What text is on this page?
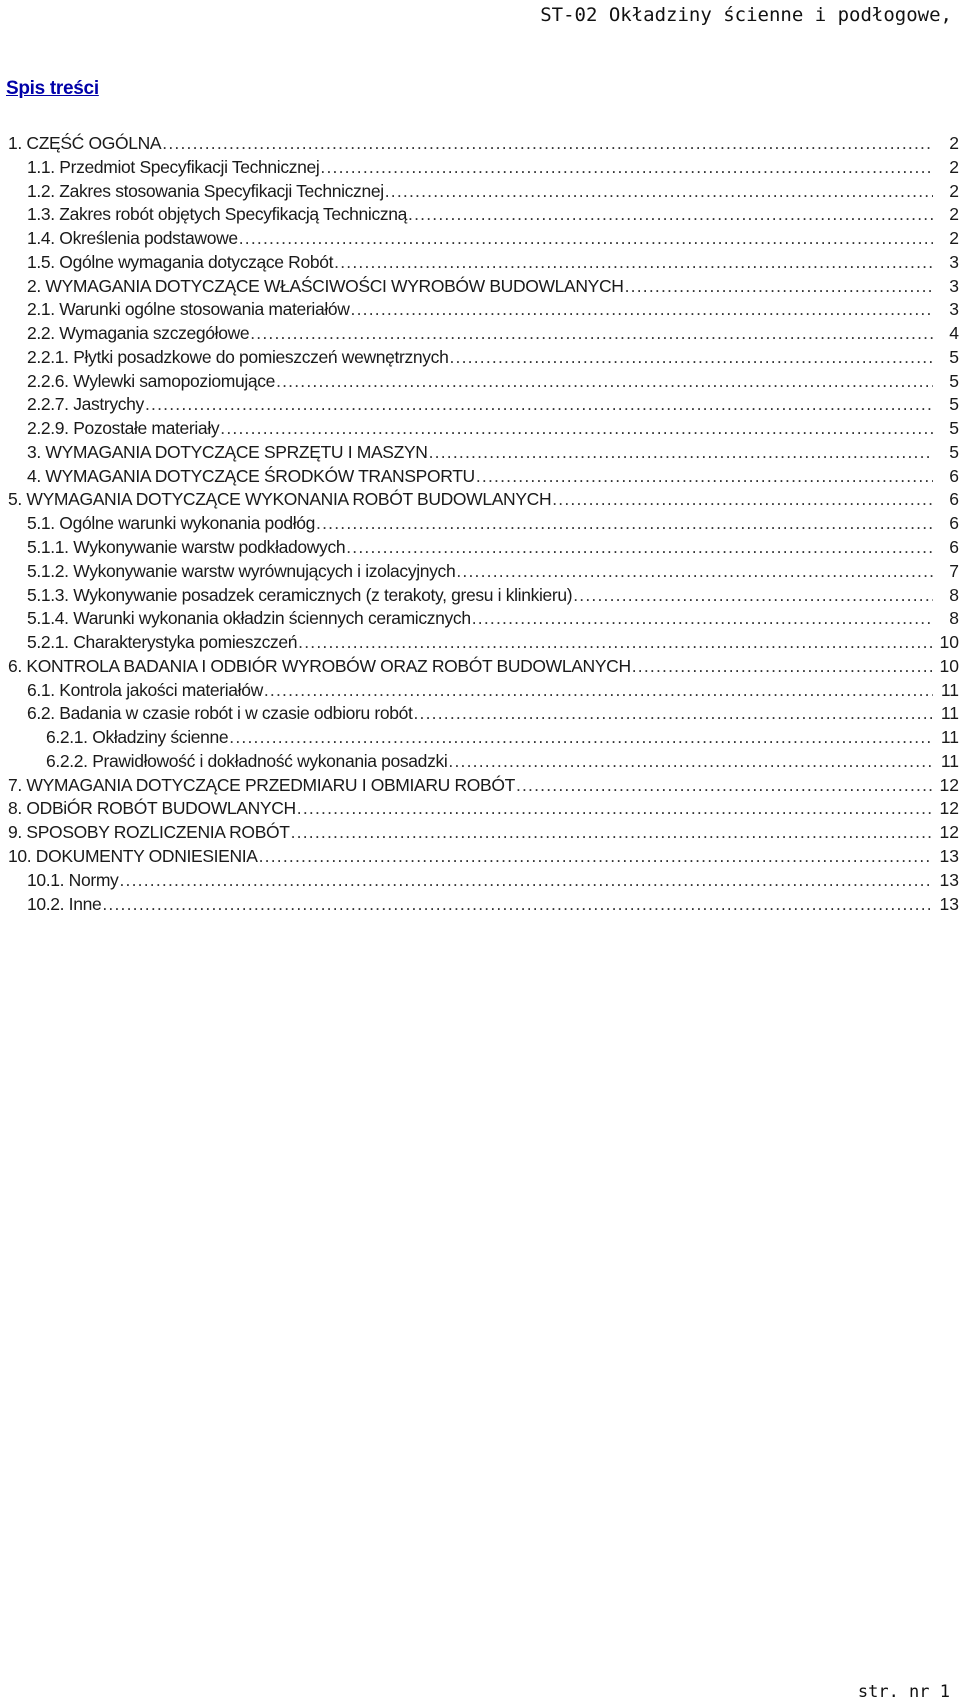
ST-02 Okładziny ścienne i podłogowe,
Spis treści
1. CZĘŚĆ OGÓLNA .....	2
1.1. Przedmiot Specyfikacji Technicznej .....	2
1.2. Zakres stosowania Specyfikacji Technicznej .....	2
1.3. Zakres robót objętych Specyfikacją Techniczną .....	2
1.4. Określenia podstawowe .....	2
1.5. Ogólne wymagania dotyczące Robót .....	3
2. WYMAGANIA DOTYCZĄCE WŁAŚCIWOŚCI WYROBÓW BUDOWLANYCH .....	3
2.1. Warunki ogólne stosowania materiałów .....	3
2.2. Wymagania szczegółowe .....	4
2.2.1. Płytki posadzkowe do pomieszczeń wewnętrznych .....	5
2.2.6. Wylewki samopoziomujące .....	5
2.2.7. Jastrychy .....	5
2.2.9. Pozostałe materiały .....	5
3. WYMAGANIA DOTYCZĄCE SPRZĘTU I MASZYN .....	5
4. WYMAGANIA DOTYCZĄCE ŚRODKÓW TRANSPORTU .....	6
5. WYMAGANIA DOTYCZĄCE WYKONANIA ROBÓT BUDOWLANYCH .....	6
5.1. Ogólne warunki wykonania podłóg .....	6
5.1.1. Wykonywanie warstw podkładowych .....	6
5.1.2. Wykonywanie warstw wyrównujących i izolacyjnych .....	7
5.1.3. Wykonywanie posadzek ceramicznych (z terakoty, gresu i klinkieru) .....	8
5.1.4. Warunki wykonania okładzin ściennych ceramicznych .....	8
5.2.1. Charakterystyka pomieszczeń .....	10
6. KONTROLA BADANIA I ODBIÓR WYROBÓW ORAZ ROBÓT BUDOWLANYCH .....	10
6.1. Kontrola jakości materiałów .....	11
6.2. Badania w czasie robót i w czasie odbioru robót .....	11
6.2.1. Okładziny ścienne .....	11
6.2.2. Prawidłowość i dokładność wykonania posadzki .....	11
7. WYMAGANIA DOTYCZĄCE PRZEDMIARU I OBMIARU ROBÓT .....	12
8. ODBiÓR ROBÓT BUDOWLANYCH .....	12
9. SPOSOBY ROZLICZENIA ROBÓT .....	12
10. DOKUMENTY ODNIESIENIA .....	13
10.1. Normy .....	13
10.2. Inne .....	13
str. nr 1
